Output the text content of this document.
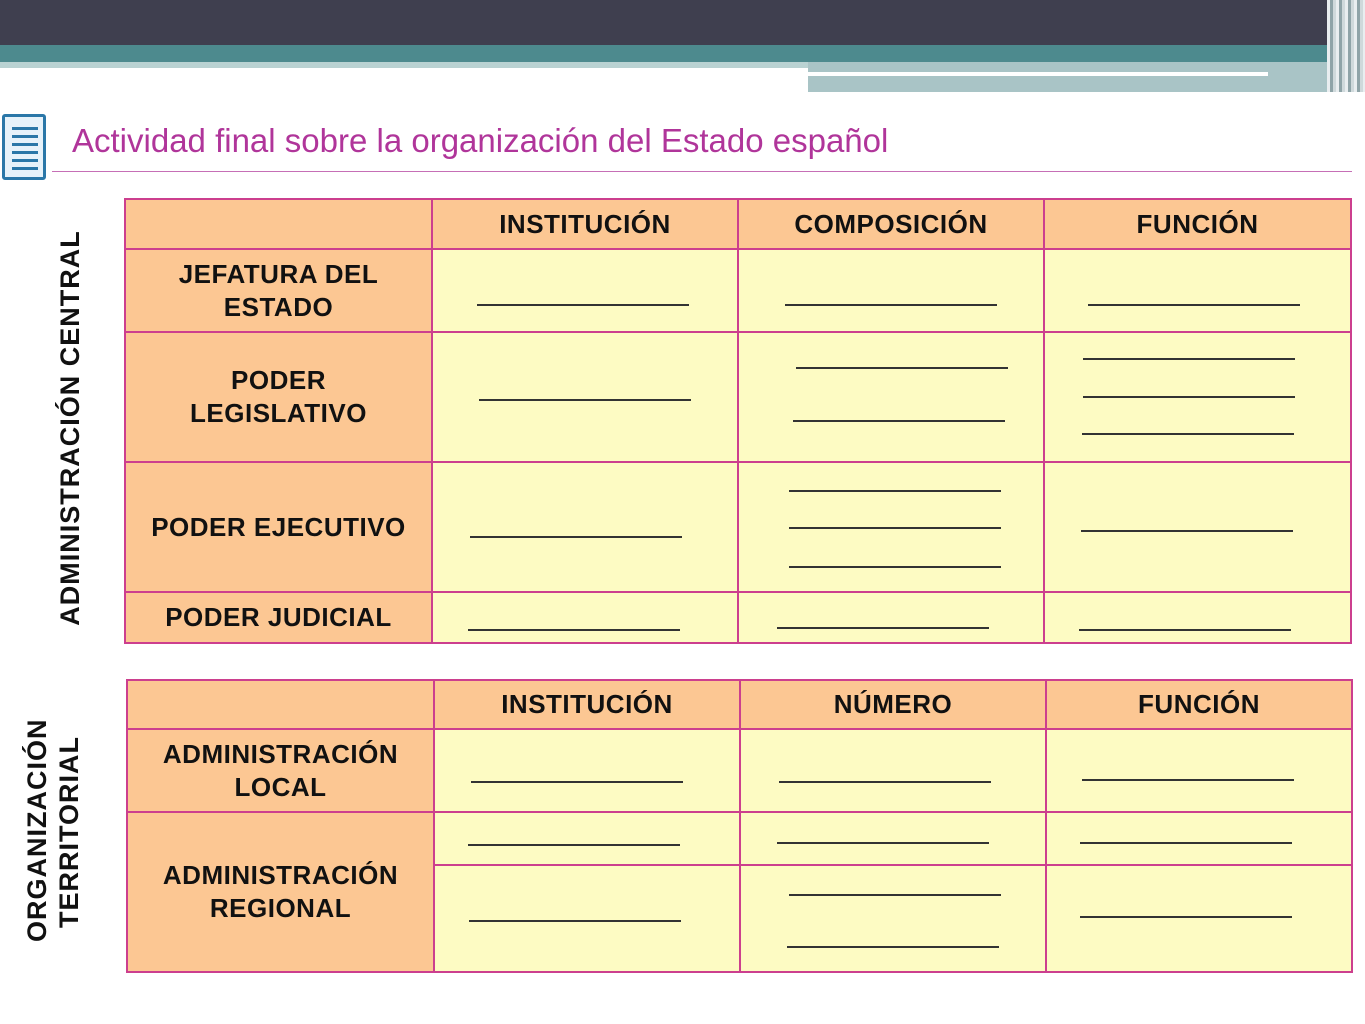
Actividad final sobre la organización del Estado español
ADMINISTRACIÓN CENTRAL
ORGANIZACIÓN TERRITORIAL
	INSTITUCIÓN	COMPOSICIÓN	FUNCIÓN

JEFATURA DEL
ESTADO			

PODER
LEGISLATIVO			

PODER EJECUTIVO			

PODER JUDICIAL			

	INSTITUCIÓN	NÚMERO	FUNCIÓN

ADMINISTRACIÓN
LOCAL			

ADMINISTRACIÓN
REGIONAL			
